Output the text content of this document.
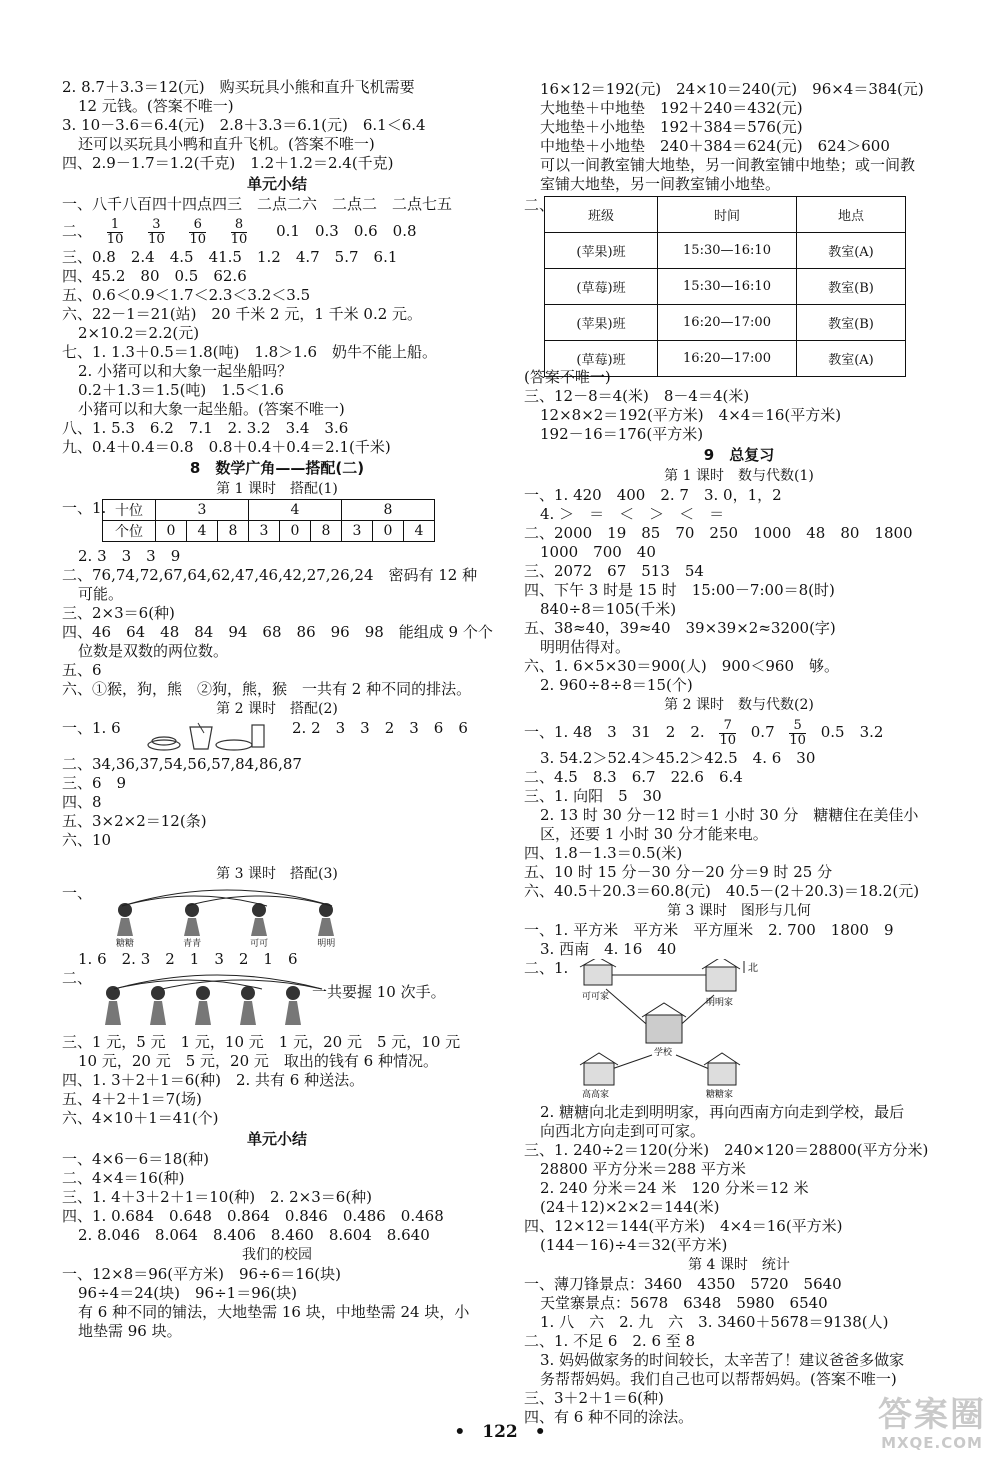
2. 8.7＋3.3＝12(元)　购买玩具小熊和直升飞机需要
12 元钱。(答案不唯一)
3. 10－3.6＝6.4(元)　2.8＋3.3＝6.1(元)　6.1＜6.4
还可以买玩具小鸭和直升飞机。(答案不唯一)
四、2.9－1.7＝1.2(千克)　1.2＋1.2＝2.4(千克)
单元小结
一、八千八百四十四点四三　二点二六　二点二　二点七五
二、 $\frac{1}{10}$
$\frac{3}{10}$
$\frac{6}{10}$
$\frac{8}{10} 0.1$　0.3　0.6　0.8
三、0.8　2.4　4.5　41.5　1.2　4.7　5.7　6.1
四、45.2　80　0.5　62.6
五、0.6＜0.9＜1.7＜2.3＜3.2＜3.5
六、22－1＝21(站)　20 千米 2 元，1 千米 0.2 元。
2×10.2＝2.2(元)
七、1. 1.3＋0.5＝1.8(吨)　1.8＞1.6　奶牛不能上船。
2. 小猪可以和大象一起坐船吗？
0.2＋1.3＝1.5(吨)　1.5＜1.6
小猪可以和大象一起坐船。(答案不唯一)
八、1. 5.3　6.2　7.1　2. 3.2　3.4　3.6
九、0.4＋0.4＝0.8　0.8＋0.4＋0.4＝2.1(千米)
8　数学广角——搭配(二)
第 1 课时　搭配(1)
一、1. 十位	3			4			8		
个位	0	4	8	3	0	8	3	0	4
2. 3　3　3　9
二、76,74,72,67,64,62,47,46,42,27,26,24　密码有 12 种
可能。
三、2×3＝6(种)
四、46　64　48　84　94　68　86　96　98　能组成 9 个个
位数是双数的两位数。
五、6
六、①猴，狗，熊　②狗，熊，猴　一共有 2 种不同的排法。
第 2 课时　搭配(2)
一、1. 6	2. 2　3　3　2　3　6　6
二、34,36,37,54,56,57,84,86,87
三、6　9
四、8
五、3×2×2＝12(条)
六、10
第 3 课时　搭配(3)
一、
糖糖	青青	可可	明明
1. 6　2. 3　2　1　3　2　1　6
二、

一共要握 10 次手。
三、1 元，5 元　1 元，10 元　1 元，20 元　5 元，10 元
10 元，20 元　5 元，20 元　取出的钱有 6 种情况。
四、1. 3＋2＋1＝6(种)　2. 共有 6 种送法。
五、4＋2＋1＝7(场)
六、4×10＋1＝41(个)
单元小结
一、4×6－6＝18(种)
二、4×4＝16(种)
三、1. 4＋3＋2＋1＝10(种)　2. 2×3＝6(种)
四、1. 0.684　0.648　0.864　0.846　0.486　0.468
2. 8.046　8.064　8.406　8.460　8.604　8.640
我们的校园
一、12×8＝96(平方米)　96÷6＝16(块)
96÷4＝24(块)　96÷1＝96(块)
有 6 种不同的铺法，大地垫需 16 块，中地垫需 24 块，小
地垫需 96 块。
16×12＝192(元)　24×10＝240(元)　96×4＝384(元)
大地垫＋中地垫　192＋240＝432(元)
大地垫＋小地垫　192＋384＝576(元)
中地垫＋小地垫　240＋384＝624(元)　624＞600
可以一间教室铺大地垫，另一间教室铺中地垫；或一间教
室铺大地垫，另一间教室铺小地垫。
二、
班级	时间	地点
(苹果)班	15:30—16:10	教室(A)
(草莓)班	15:30—16:10	教室(B)
(苹果)班	16:20—17:00	教室(B)
(草莓)班	16:20—17:00	教室(A)
(答案不唯一)
三、12－8＝4(米)　8－4＝4(米)
12×8×2＝192(平方米)　4×4＝16(平方米)
192－16＝176(平方米)
9　总复习
第 1 课时　数与代数(1)
一、1. 420　400　2. 7　3. 0，1，2
4. ＞　＝　＜　＞　＜　＝
二、2000　19　85　70　250　1000　48　80　1800
1000　700　40
三、2072　67　513　54
四、下午 3 时是 15 时　15:00－7:00＝8(时)
840÷8＝105(千米)
五、38≈40，39≈40　39×39×2≈3200(字)
明明估得对。
六、1. 6×5×30＝900(人)　900＜960　够。
2. 960÷8÷8＝15(个)
第 2 课时　数与代数(2)
一、1. 48　3　31　2　2. $\frac{7}{10} 0.7 \frac{5}{10} 0.5$　3.2
3. 54.2＞52.4＞45.2＞42.5　4. 6　30
二、4.5　8.3　6.7　22.6　6.4
三、1. 向阳　5　30
2. 13 时 30 分－12 时＝1 小时 30 分　糖糖住在美佳小
区，还要 1 小时 30 分才能来电。
四、1.8－1.3＝0.5(米)
五、10 时 15 分－30 分－20 分＝9 时 25 分
六、40.5＋20.3＝60.8(元)　40.5－(2＋20.3)＝18.2(元)
第 3 课时　图形与几何
一、1. 平方米　平方米　平方厘米　2. 700　1800　9
3. 西南　4. 16　40
二、1.	北
可可家
明明家
学校
高高家	糖糖家
2. 糖糖向北走到明明家，再向西南方向走到学校，最后
向西北方向走到可可家。
三、1. 240÷2＝120(分米)　240×120＝28800(平方分米)
28800 平方分米＝288 平方米
2. 240 分米＝24 米　120 分米＝12 米
(24＋12)×2×2＝144(米)
四、12×12＝144(平方米)　4×4＝16(平方米)
(144－16)÷4＝32(平方米)
第 4 课时　统计
一、薄刀锋景点：3460　4350　5720　5640
天堂寨景点：5678　6348　5980　6540
1. 八　六　2. 九　六　3. 3460＋5678＝9138(人)
二、1. 不足 6　2. 6 至 8
3. 妈妈做家务的时间较长，太辛苦了！建议爸爸多做家
务帮帮妈妈。我们自己也可以帮帮妈妈。(答案不唯一)
三、3＋2＋1＝6(种)
四、有 6 种不同的涂法。
•　122　•	答案圈
MXQE.COM
